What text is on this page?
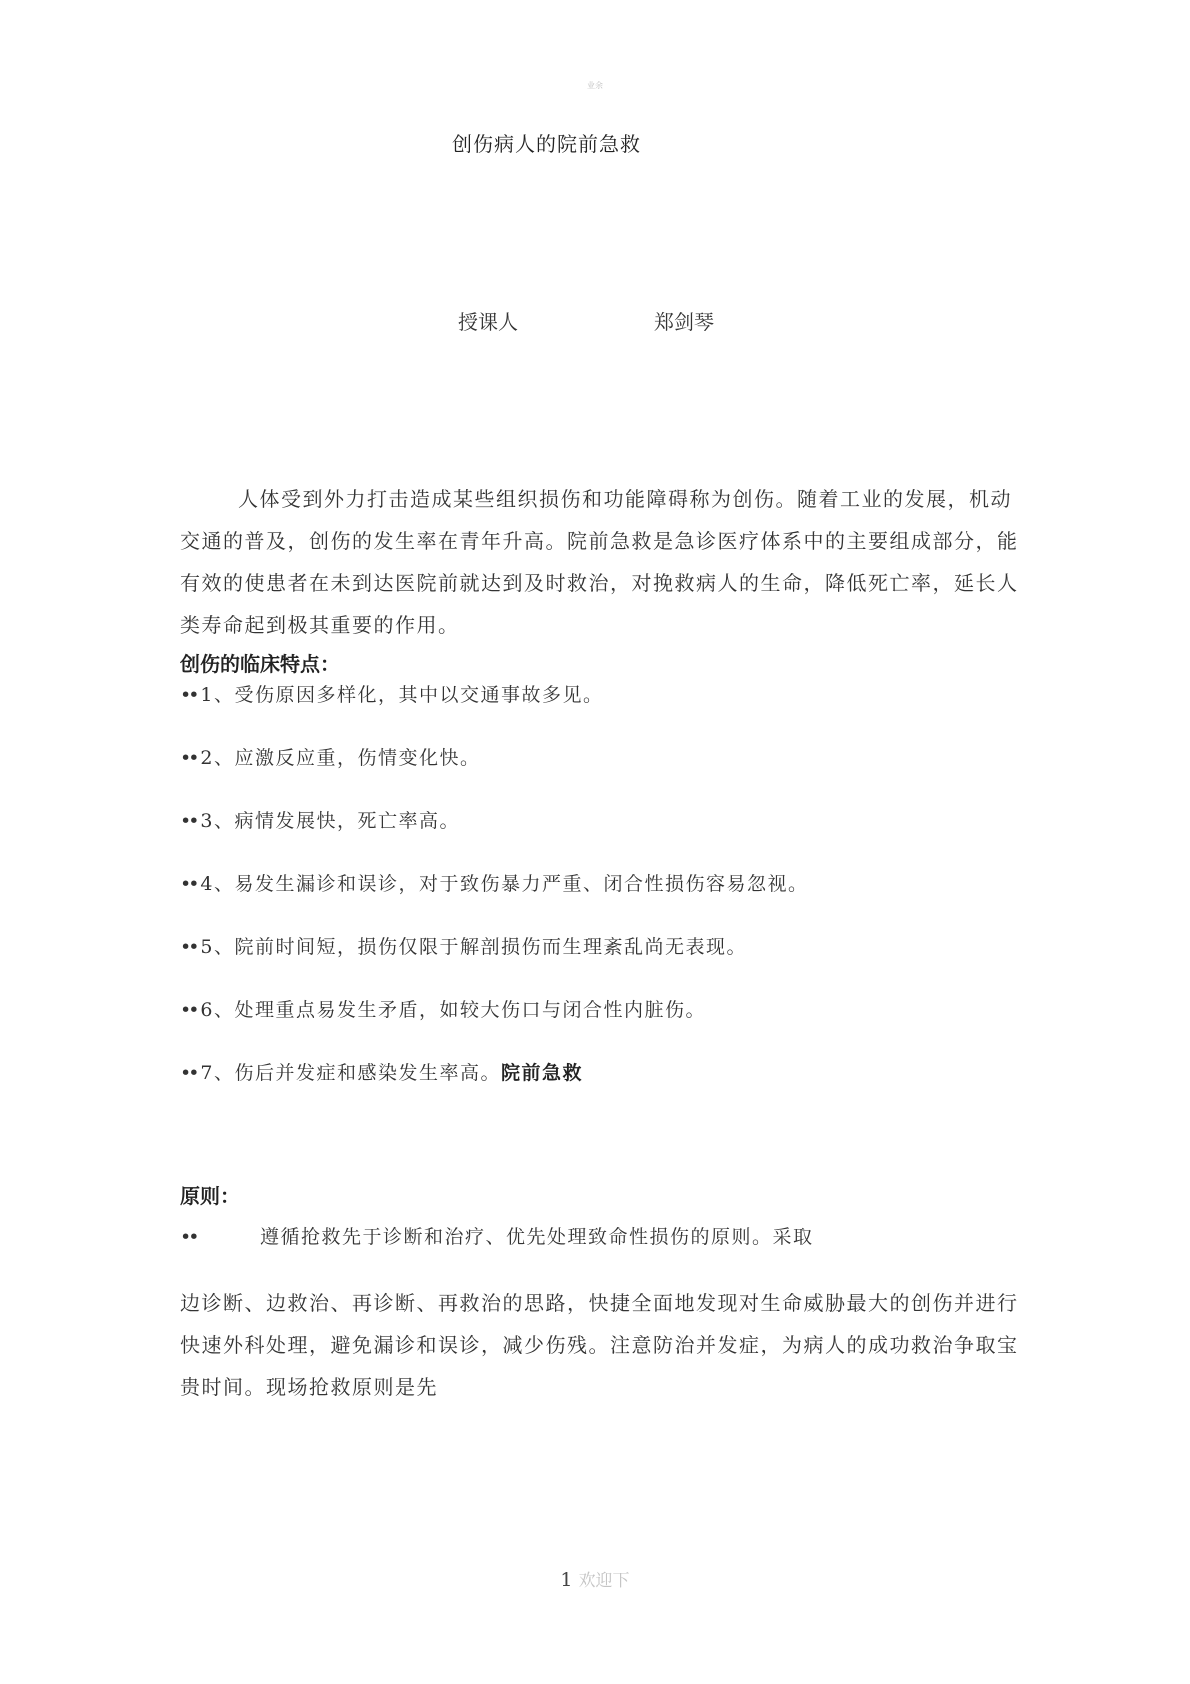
业余
创伤病人的院前急救
授课人	郑剑琴

人体受到外力打击造成某些组织损伤和功能障碍称为创伤。随着工业的发展，机动交通的普及，创伤的发生率在青年升高。院前急救是急诊医疗体系中的主要组成部分，能有效的使患者在未到达医院前就达到及时救治，对挽救病人的生命，降低死亡率，延长人类寿命起到极其重要的作用。

创伤的临床特点：
•• 1、受伤原因多样化，其中以交通事故多见。
•• 2、应激反应重，伤情变化快。
•• 3、病情发展快，死亡率高。
•• 4、易发生漏诊和误诊，对于致伤暴力严重、闭合性损伤容易忽视。
•• 5、院前时间短，损伤仅限于解剖损伤而生理紊乱尚无表现。
•• 6、处理重点易发生矛盾，如较大伤口与闭合性内脏伤。
•• 7、伤后并发症和感染发生率高。院前急救
原则：
••	遵循抢救先于诊断和治疗、优先处理致命性损伤的原则。采取

边诊断、边救治、再诊断、再救治的思路，快捷全面地发现对生命威胁最大的创伤并进行快速外科处理，避免漏诊和误诊，减少伤残。注意防治并发症，为病人的成功救治争取宝贵时间。现场抢救原则是先

1 欢迎下
